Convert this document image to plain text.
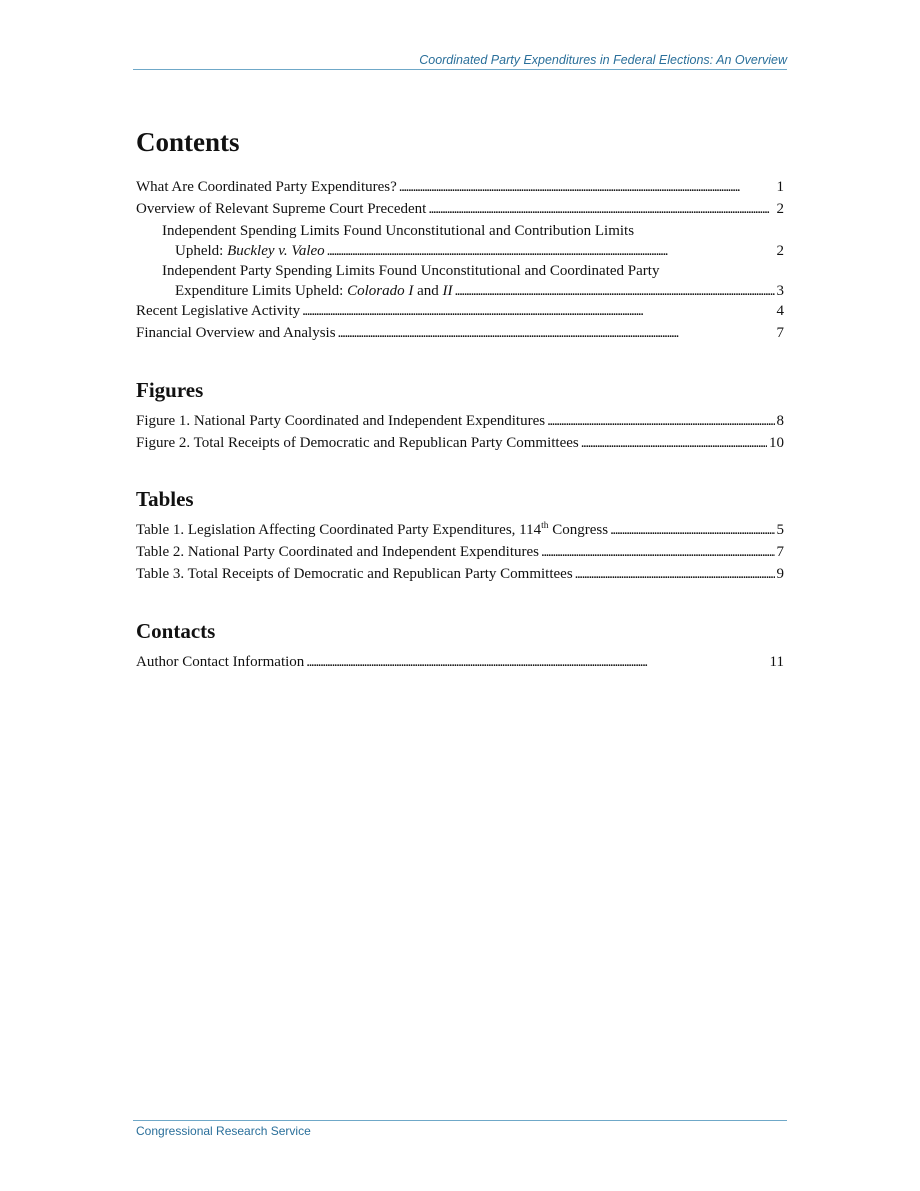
Coordinated Party Expenditures in Federal Elections: An Overview
Contents
What Are Coordinated Party Expenditures? . . .	1
Overview of Relevant Supreme Court Precedent . . .	2
Independent Spending Limits Found Unconstitutional and Contribution Limits
Upheld: Buckley v. Valeo . . .	2
Independent Party Spending Limits Found Unconstitutional and Coordinated Party
Expenditure Limits Upheld: Colorado I and II . . .	3
Recent Legislative Activity . . .	4
Financial Overview and Analysis . . .	7
Figures
Figure 1. National Party Coordinated and Independent Expenditures . . .	8
Figure 2. Total Receipts of Democratic and Republican Party Committees . . .	10
Tables
Table 1. Legislation Affecting Coordinated Party Expenditures, 114th Congress . . .	5
Table 2. National Party Coordinated and Independent Expenditures . . .	7
Table 3. Total Receipts of Democratic and Republican Party Committees . . .	9
Contacts
Author Contact Information . . .	11
Congressional Research Service
